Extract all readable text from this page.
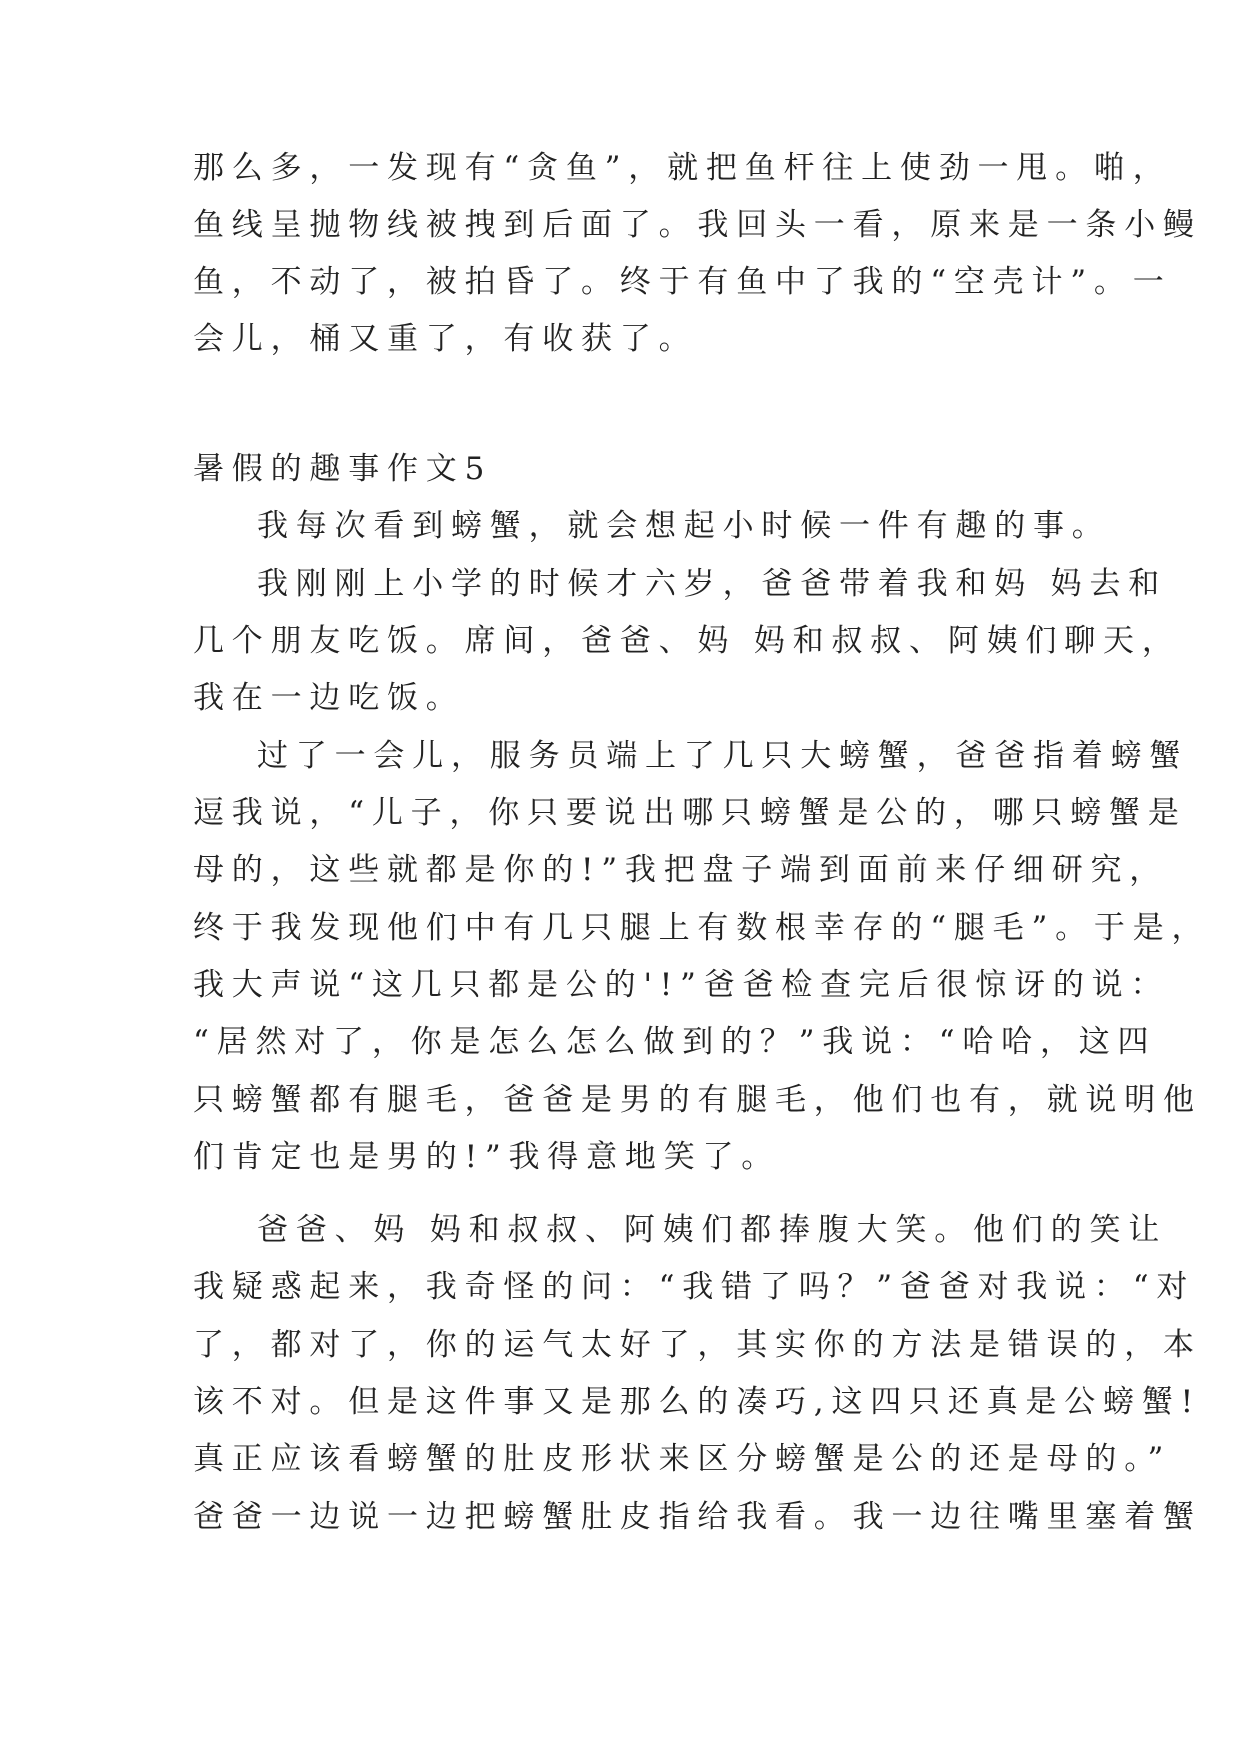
那么多，一发现有“贪鱼”，就把鱼杆往上使劲一甩。啪，
鱼线呈抛物线被拽到后面了。我回头一看，原来是一条小鳗
鱼，不动了，被拍昏了。终于有鱼中了我的“空壳计”。一
会儿，桶又重了，有收获了。
暑假的趣事作文5
我每次看到螃蟹，就会想起小时候一件有趣的事。
我刚刚上小学的时候才六岁，爸爸带着我和妈 妈去和
几个朋友吃饭。席间，爸爸、妈 妈和叔叔、阿姨们聊天，
我在一边吃饭。
过了一会儿，服务员端上了几只大螃蟹，爸爸指着螃蟹
逗我说，“儿子，你只要说出哪只螃蟹是公的，哪只螃蟹是
母的，这些就都是你的!”我把盘子端到面前来仔细研究，
终于我发现他们中有几只腿上有数根幸存的“腿毛”。于是，
我大声说“这几只都是公的'!”爸爸检查完后很惊讶的说：
“居然对了，你是怎么怎么做到的？”我说：“哈哈，这四
只螃蟹都有腿毛，爸爸是男的有腿毛，他们也有，就说明他
们肯定也是男的!”我得意地笑了。
爸爸、妈 妈和叔叔、阿姨们都捧腹大笑。他们的笑让
我疑惑起来，我奇怪的问：“我错了吗？”爸爸对我说：“对
了，都对了，你的运气太好了，其实你的方法是错误的，本
该不对。但是这件事又是那么的凑巧,这四只还真是公螃蟹!
真正应该看螃蟹的肚皮形状来区分螃蟹是公的还是母的。”
爸爸一边说一边把螃蟹肚皮指给我看。我一边往嘴里塞着蟹
